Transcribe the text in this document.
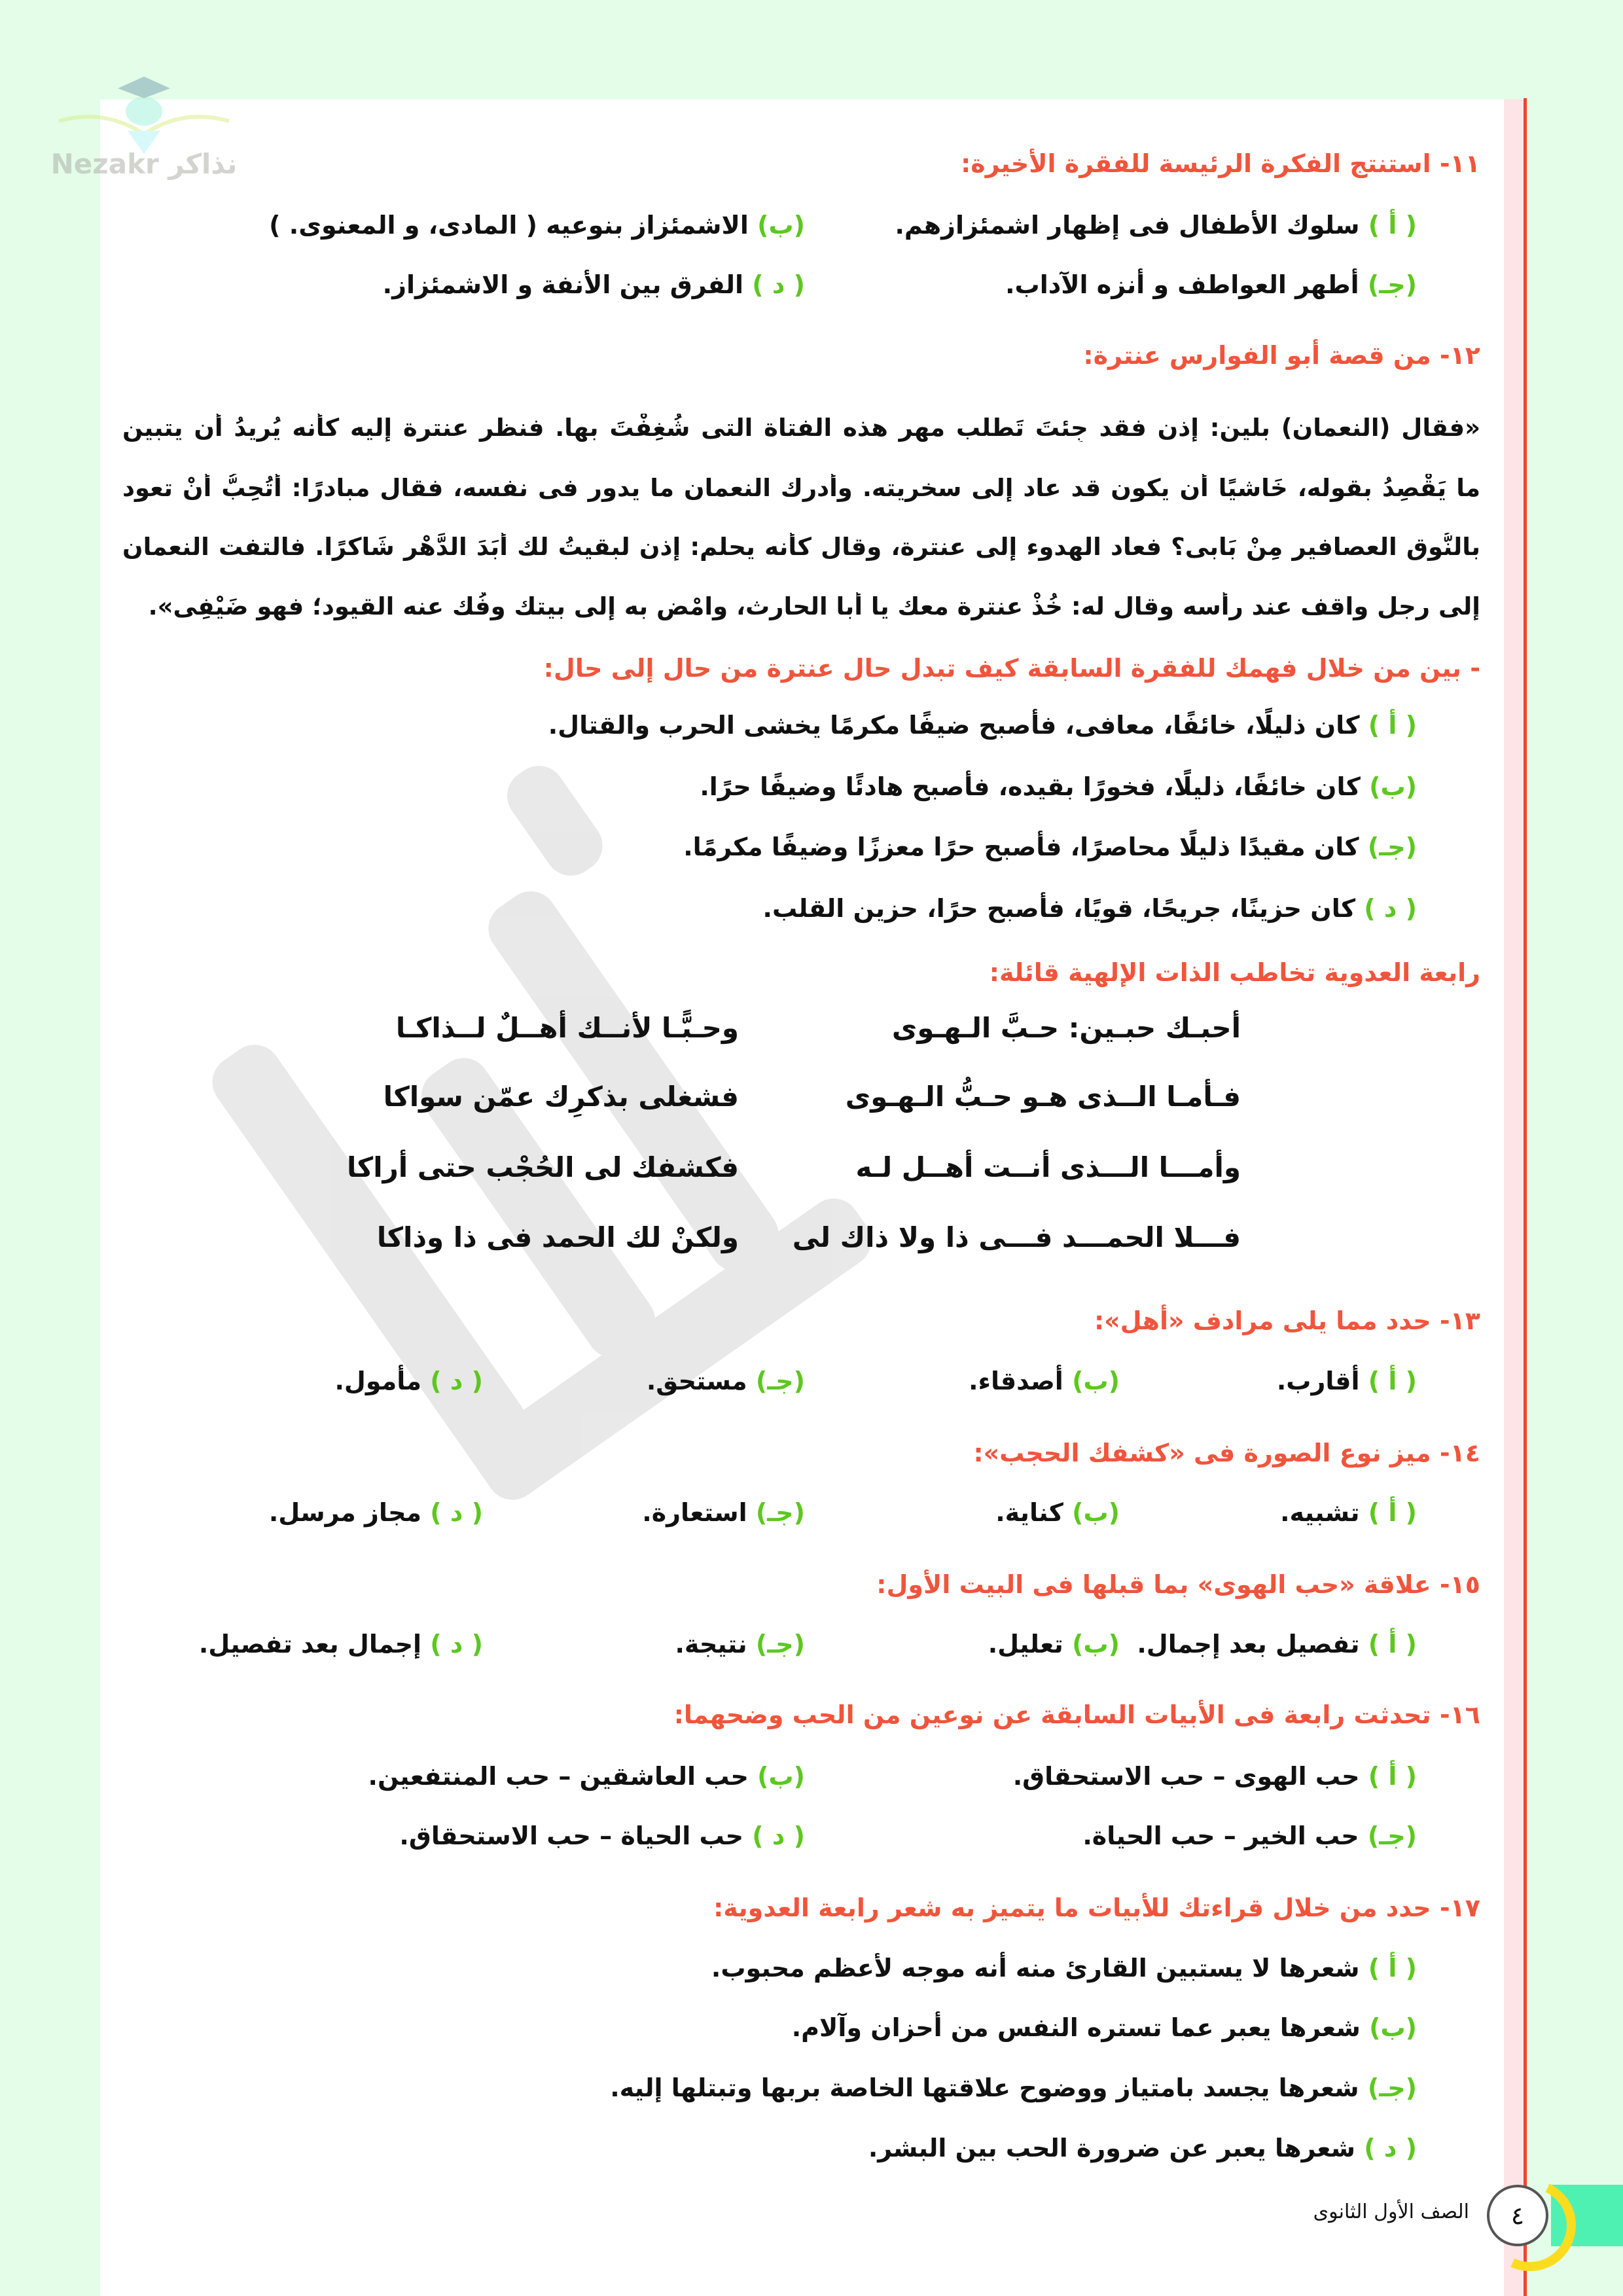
Nezakr نذاكر	١١- استنتج الفكرة الرئيسة للفقرة الأخيرة:
( أ ) سلوك الأطفال فى إظهار اشمئزازهم.
(ب) الاشمئزاز بنوعيه ( المادى، و المعنوى. )
(جـ) أطهر العواطف و أنزه الآداب.
( د ) الفرق بين الأنفة و الاشمئزاز.
١٢- من قصة أبو الفوارس عنترة:
«فقال (النعمان) بلين: إذن فقد جِئتَ تَطلب مهر هذه الفتاة التى شُغِفْتَ بها. فنظر عنترة إليه كأنه يُرِيدُ أن يتبين
ما يَقْصِدُ بقوله، خَاشيًا أن يكون قد عاد إلى سخريته. وأدرك النعمان ما يدور فى نفسه، فقال مبادرًا: أَتُحِبُّ أَنْ تعود
بالنُّوقِ العصافير مِنْ بَابى؟ فعاد الهدوء إلى عنترة، وقال كأنه يحلم: إذن لبقيتُ لك أَبَدَ الدَّهْرِ شَاكرًا. فالتفت النعمان
إلى رجل واقف عند رأسه وقال له: خُذْ عنترة معك يا أبا الحارث، وامْضِ به إلى بيتك وفُك عنه القيود؛ فهو ضَيْفِى».
- بين من خلال فهمك للفقرة السابقة كيف تبدل حال عنترة من حال إلى حال:
( أ ) كان ذليلًا، خائفًا، معافى، فأصبح ضيفًا مكرمًا يخشى الحرب والقتال.
(ب) كان خائفًا، ذليلًا، فخورًا بقيده، فأصبح هادئًا وضيفًا حرًا.
(جـ) كان مقيدًا ذليلًا محاصرًا، فأصبح حرًا معززًا وضيفًا مكرمًا.
( د ) كان حزينًا، جريحًا، قويًا، فأصبح حرًا، حزين القلب.
رابعة العدوية تخاطب الذات الإلهية قائلة:
أحبـك حبـين: حـبَّ الـهـوى
وحـبًّـا لأنــك أهــلٌ لــذاكـا
فـأمـا الــذى هـو حـبُّ الـهـوى
فشغلى بذكرِك عمّن سواكا
وأمـــا الـــذى أنــت أهــل لـه
فكشفك لى الحُجْب حتى أراكا
فـــلا الحمـــد فـــى ذا ولا ذاك لى
ولكنْ لك الحمد فى ذا وذاكا
١٣- حدد مما يلى مرادف «أهل»:
( أ ) أقارب.
(ب) أصدقاء.
(جـ) مستحق.
( د ) مأمول.
١٤- ميز نوع الصورة فى «كشفك الحجب»:
( أ ) تشبيه.
(ب) كناية.
(جـ) استعارة.
( د ) مجاز مرسل.
١٥- علاقة «حب الهوى» بما قبلها فى البيت الأول:
( أ ) تفصيل بعد إجمال.
(ب) تعليل.
(جـ) نتيجة.
( د ) إجمال بعد تفصيل.
١٦- تحدثت رابعة فى الأبيات السابقة عن نوعين من الحب وضحهما:
( أ ) حب الهوى – حب الاستحقاق.
(ب) حب العاشقين – حب المنتفعين.
(جـ) حب الخير – حب الحياة.
( د ) حب الحياة – حب الاستحقاق.
١٧- حدد من خلال قراءتك للأبيات ما يتميز به شعر رابعة العدوية:
( أ ) شعرها لا يستبين القارئ منه أنه موجه لأعظم محبوب.
(ب) شعرها يعبر عما تستره النفس من أحزان وآلام.
(جـ) شعرها يجسد بامتياز ووضوح علاقتها الخاصة بربها وتبتلها إليه.
( د ) شعرها يعبر عن ضرورة الحب بين البشر.
٤
الصف الأول الثانوى
